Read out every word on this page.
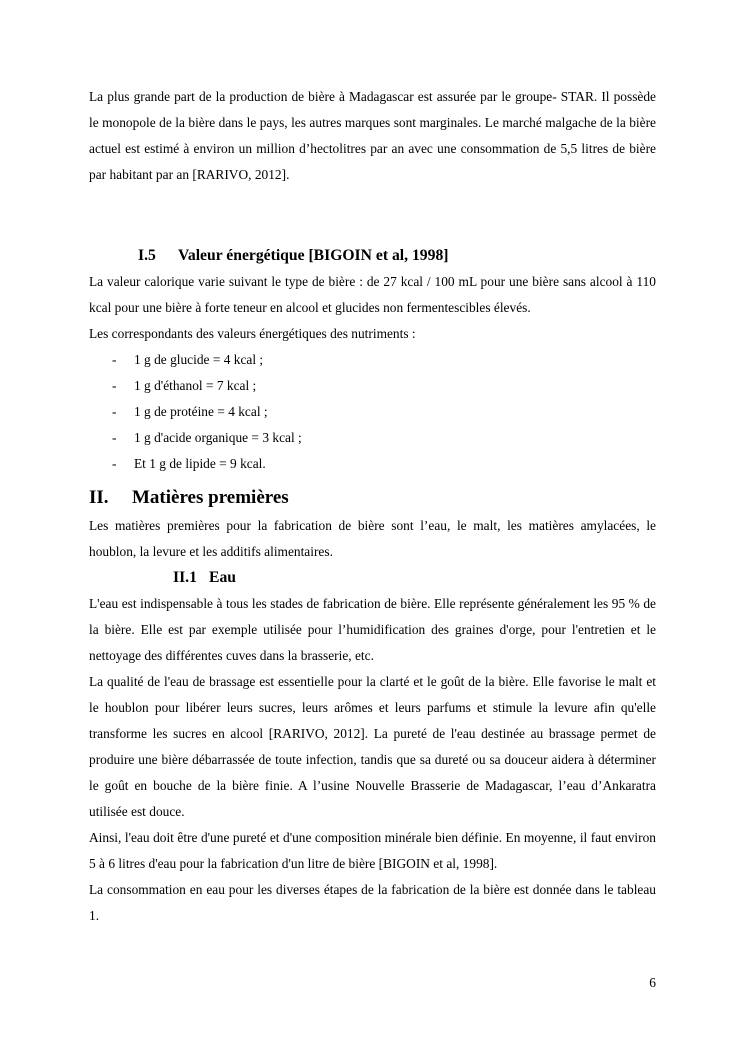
La plus grande part de la production de bière à Madagascar est assurée par le groupe- STAR. Il possède le monopole de la bière dans le pays, les autres marques sont marginales. Le marché malgache de la bière actuel est estimé à environ un million d’hectolitres par an avec une consommation de 5,5 litres de bière par habitant par an [RARIVO, 2012].

I.5	Valeur énergétique [BIGOIN et al, 1998]

La valeur calorique varie suivant le type de bière : de 27 kcal / 100 mL pour une bière sans alcool à 110 kcal pour une bière à forte teneur en alcool et glucides non fermentescibles élevés.

Les correspondants des valeurs énergétiques des nutriments :

-	1 g de glucide = 4 kcal ;
-	1 g d'éthanol = 7 kcal ;
-	1 g de protéine = 4 kcal ;
-	1 g d'acide organique = 3 kcal ;
-	Et 1 g de lipide = 9 kcal.
II.	Matières premières

Les matières premières pour la fabrication de bière sont l’eau, le malt, les matières amylacées, le houblon, la levure et les additifs alimentaires.

II.1 Eau

L'eau est indispensable à tous les stades de fabrication de bière. Elle représente généralement les 95 % de la bière. Elle est par exemple utilisée pour l’humidification des graines d'orge, pour l'entretien et le nettoyage des différentes cuves dans la brasserie, etc.

La qualité de l'eau de brassage est essentielle pour la clarté et le goût de la bière. Elle favorise le malt et le houblon pour libérer leurs sucres, leurs arômes et leurs parfums et stimule la levure afin qu'elle transforme les sucres en alcool [RARIVO, 2012]. La pureté de l'eau destinée au brassage permet de produire une bière débarrassée de toute infection, tandis que sa dureté ou sa douceur aidera à déterminer le goût en bouche de la bière finie. A l’usine Nouvelle Brasserie de Madagascar, l’eau d’Ankaratra utilisée est douce.

Ainsi, l'eau doit être d'une pureté et d'une composition minérale bien définie. En moyenne, il faut environ 5 à 6 litres d'eau pour la fabrication d'un litre de bière [BIGOIN et al, 1998].

La consommation en eau pour les diverses étapes de la fabrication de la bière est donnée dans le tableau 1.

6
